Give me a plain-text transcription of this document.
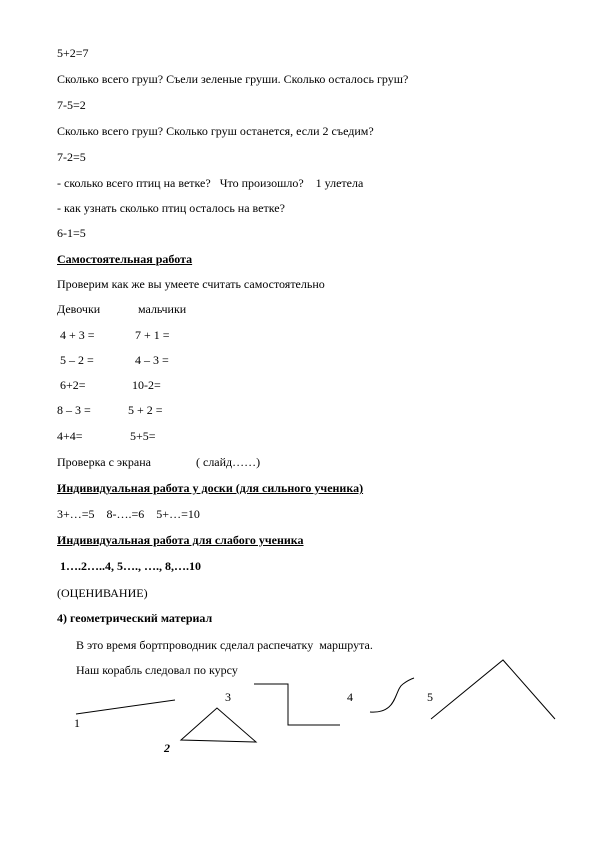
5+2=7
Сколько всего груш? Съели зеленые груши. Сколько осталось груш?
7-5=2
Сколько всего груш? Сколько груш останется, если 2 съедим?
7-2=5
- сколько всего птиц на ветке?   Что произошло?    1 улетела
- как узнать сколько птиц осталось на ветке?
6-1=5
Самостоятельная работа
Проверим как же вы умеете считать самостоятельно
Девочки	мальчики
4 + 3 =	7 + 1 =
5 – 2 =	4 – 3 =
6+2=	10-2=
8 – 3 =	5 + 2 =
4+4=	5+5=
Проверка с экрана	( слайд……)
Индивидуальная работа у доски (для сильного ученика)
3+…=5    8-….=6    5+…=10
Индивидуальная работа для слабого ученика
1….2…..4, 5…., …., 8,….10
(ОЦЕНИВАНИЕ)
4) геометрический материал
В это время бортпроводник сделал распечатку  маршрута.
Наш корабль следовал по курсу
1
2
3	4	5
